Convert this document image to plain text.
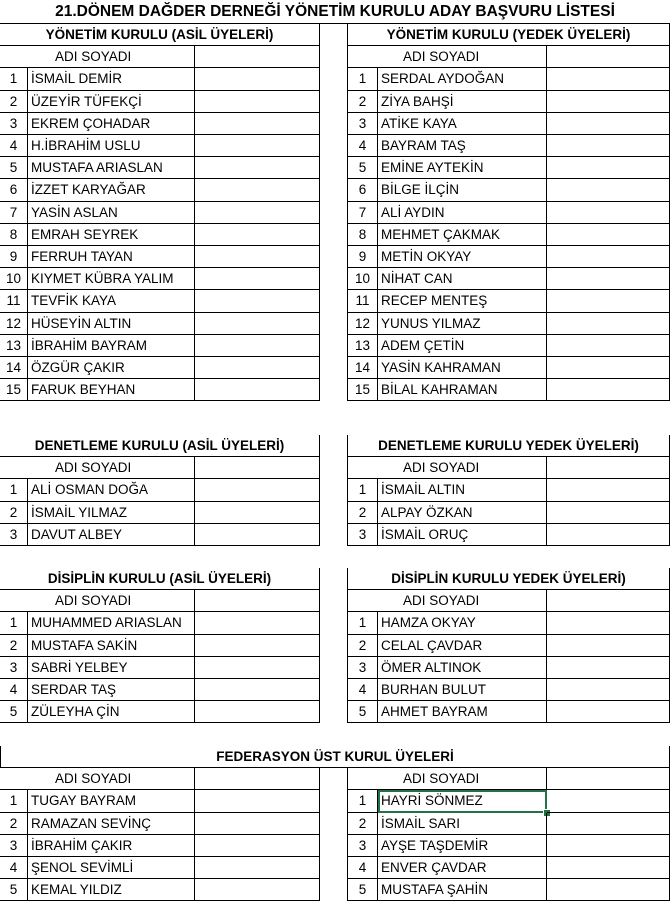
21.DÖNEM DAĞDER DERNEĞİ YÖNETİM KURULU ADAY BAŞVURU LİSTESİ
YÖNETİM KURULU (ASİL ÜYELERİ)	YÖNETİM KURULU (YEDEK ÜYELERİ)
ADI SOYADI
1	İSMAİL DEMİR
2	ÜZEYİR TÜFEKÇİ
3	EKREM ÇOHADAR
4	H.İBRAHİM USLU
5	MUSTAFA ARIASLAN
6	İZZET KARYAĞAR
7	YASİN ASLAN
8	EMRAH SEYREK
9	FERRUH TAYAN
10 KIYMET KÜBRA YALIM
11 TEVFİK KAYA
12 HÜSEYİN ALTIN
13 İBRAHİM BAYRAM
14 ÖZGÜR ÇAKIR
15 FARUK BEYHAN
ADI SOYADI
1	SERDAL AYDOĞAN
2	ZİYA BAHŞİ
3	ATİKE KAYA
4	BAYRAM TAŞ
5	EMİNE AYTEKİN
6	BİLGE İLÇİN
7	ALİ AYDIN
8	MEHMET ÇAKMAK
9	METİN OKYAY
10 NİHAT CAN
11 RECEP MENTEŞ
12 YUNUS YILMAZ
13 ADEM ÇETİN
14 YASİN KAHRAMAN
15 BİLAL KAHRAMAN
DENETLEME KURULU (ASİL ÜYELERİ)	DENETLEME KURULU YEDEK ÜYELERİ)
ADI SOYADI
1	ALİ OSMAN DOĞA
2	İSMAİL YILMAZ
3	DAVUT ALBEY
ADI SOYADI
1	İSMAİL ALTIN
2	ALPAY ÖZKAN
3	İSMAİL ORUÇ
DİSİPLİN KURULU (ASİL ÜYELERİ)	DİSİPLİN KURULU YEDEK ÜYELERİ)
ADI SOYADI
1	MUHAMMED ARIASLAN
2	MUSTAFA SAKİN
3	SABRİ YELBEY
4	SERDAR TAŞ
5	ZÜLEYHA ÇİN
ADI SOYADI
1	HAMZA OKYAY
2	CELAL ÇAVDAR
3	ÖMER ALTINOK
4	BURHAN BULUT
5	AHMET BAYRAM
FEDERASYON ÜST KURUL ÜYELERİ
ADI SOYADI
1	TUGAY BAYRAM
2	RAMAZAN SEVİNÇ
3	İBRAHİM ÇAKIR
4	ŞENOL SEVİMLİ
5	KEMAL YILDIZ
ADI SOYADI
1	HAYRİ SÖNMEZ
2	İSMAİL SARI
3	AYŞE TAŞDEMİR
4	ENVER ÇAVDAR
5	MUSTAFA ŞAHİN
